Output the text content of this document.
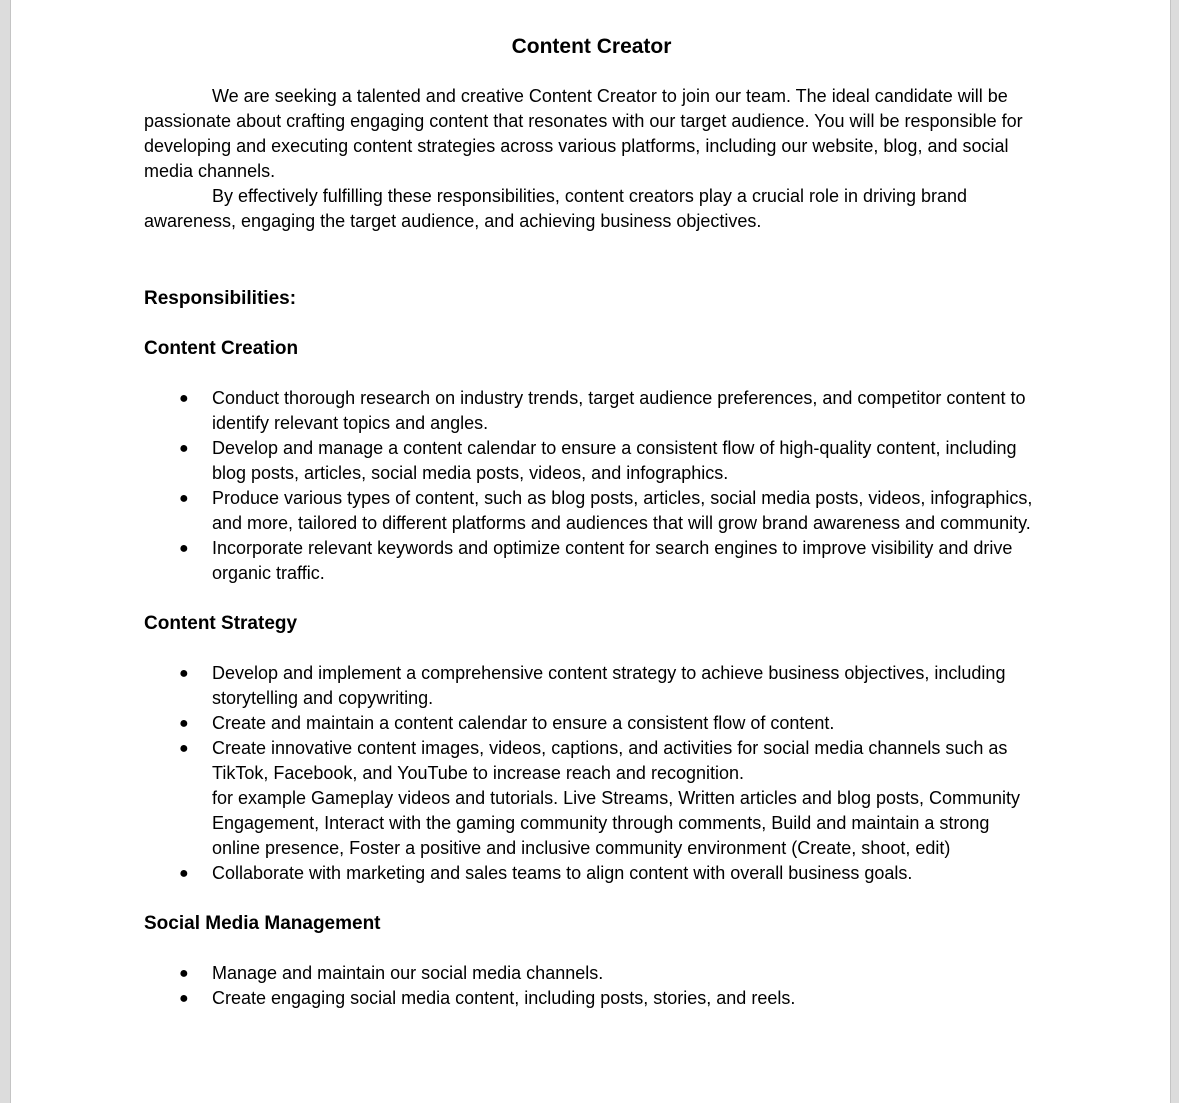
Content Creator

We are seeking a talented and creative Content Creator to join our team. The ideal candidate will be passionate about crafting engaging content that resonates with our target audience. You will be responsible for developing and executing content strategies across various platforms, including our website, blog, and social media channels.

By effectively fulfilling these responsibilities, content creators play a crucial role in driving brand awareness, engaging the target audience, and achieving business objectives.

Responsibilities:
Content Creation
● Conduct thorough research on industry trends, target audience preferences, and competitor content to identify relevant topics and angles.
● Develop and manage a content calendar to ensure a consistent flow of high-quality content, including blog posts, articles, social media posts, videos, and infographics.
● Produce various types of content, such as blog posts, articles, social media posts, videos, infographics, and more, tailored to different platforms and audiences that will grow brand awareness and community.
● Incorporate relevant keywords and optimize content for search engines to improve visibility and drive organic traffic.
Content Strategy
● Develop and implement a comprehensive content strategy to achieve business objectives, including storytelling and copywriting.
● Create and maintain a content calendar to ensure a consistent flow of content.
● Create innovative content images, videos, captions, and activities for social media channels such as TikTok, Facebook, and YouTube to increase reach and recognition.
for example Gameplay videos and tutorials. Live Streams, Written articles and blog posts, Community Engagement, Interact with the gaming community through comments, Build and maintain a strong online presence, Foster a positive and inclusive community environment (Create, shoot, edit)
● Collaborate with marketing and sales teams to align content with overall business goals.
Social Media Management
● Manage and maintain our social media channels.
● Create engaging social media content, including posts, stories, and reels.
